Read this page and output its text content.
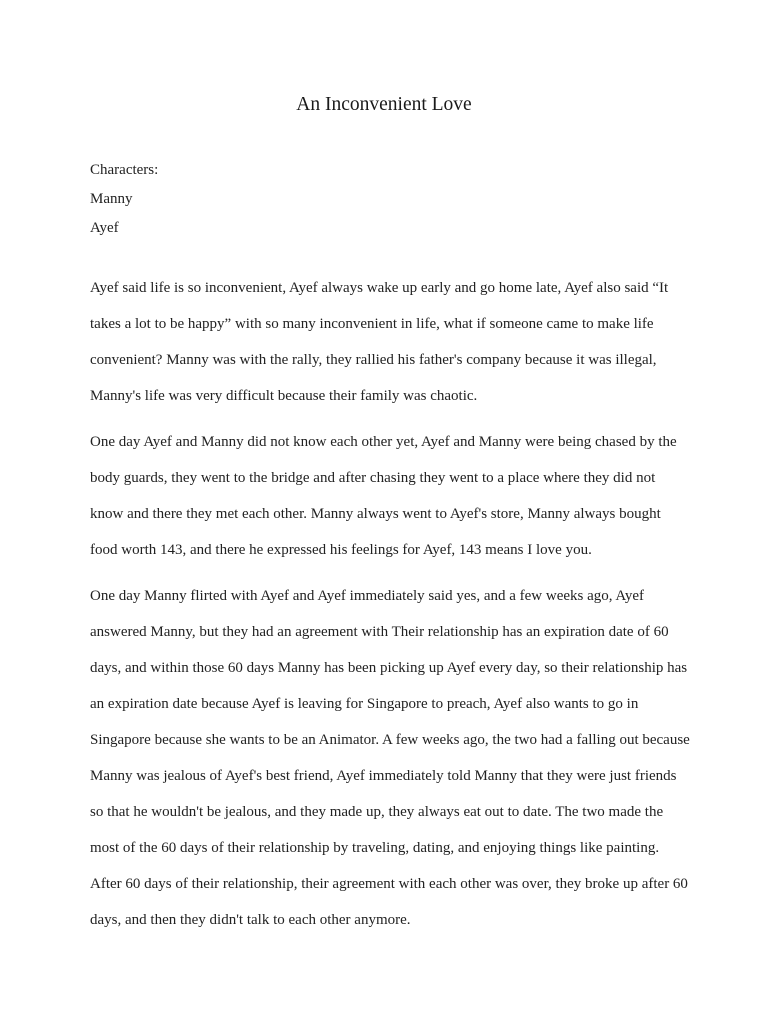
An Inconvenient Love
Characters:
Manny
Ayef

Ayef said life is so inconvenient, Ayef always wake up early and go home late, Ayef also said “It takes a lot to be happy” with so many inconvenient in life, what if someone came to make life convenient? Manny was with the rally, they rallied his father's company because it was illegal, Manny's life was very difficult because their family was chaotic.

One day Ayef and Manny did not know each other yet, Ayef and Manny were being chased by the body guards, they went to the bridge and after chasing they went to a place where they did not know and there they met each other. Manny always went to Ayef's store, Manny always bought food worth 143, and there he expressed his feelings for Ayef, 143 means I love you.

One day Manny flirted with Ayef and Ayef immediately said yes, and a few weeks ago, Ayef answered Manny, but they had an agreement with Their relationship has an expiration date of 60 days, and within those 60 days Manny has been picking up Ayef every day, so their relationship has an expiration date because Ayef is leaving for Singapore to preach, Ayef also wants to go in Singapore because she wants to be an Animator. A few weeks ago, the two had a falling out because Manny was jealous of Ayef's best friend, Ayef immediately told Manny that they were just friends so that he wouldn't be jealous, and they made up, they always eat out to date. The two made the most of the 60 days of their relationship by traveling, dating, and enjoying things like painting. After 60 days of their relationship, their agreement with each other was over, they broke up after 60 days, and then they didn't talk to each other anymore.
